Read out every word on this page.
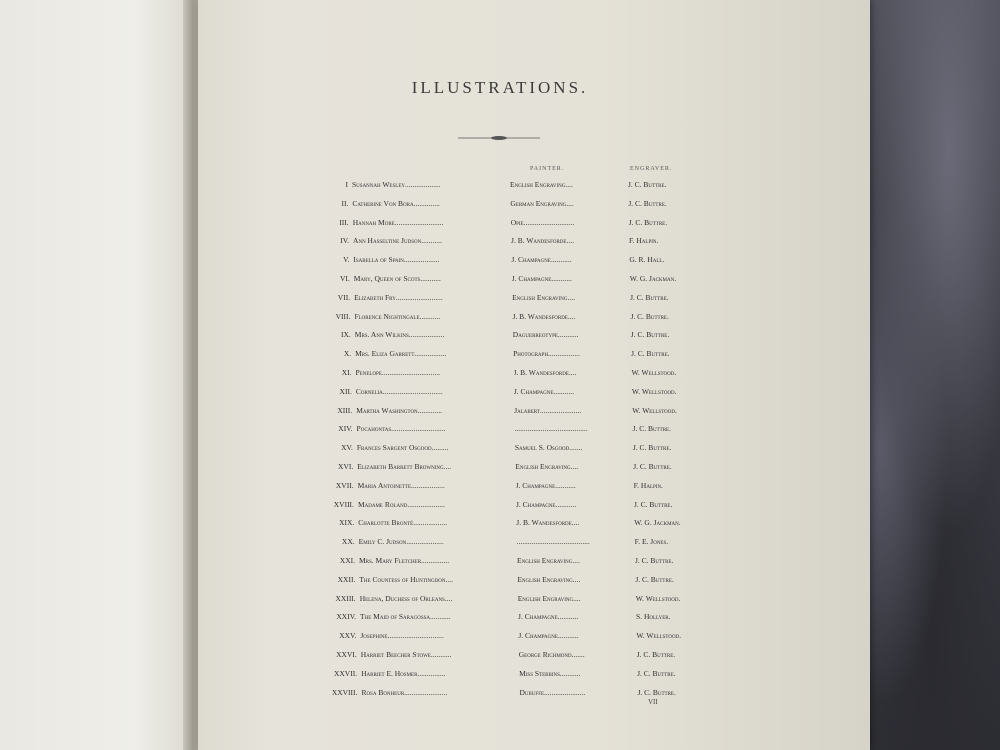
ILLUSTRATIONS.
PAINTER.	ENGRAVER.
I Susannah Wesley...................	English Engraving....	J. C. Buttre.
II. Catherine Von Bora..............	German Engraving....	J. C. Buttre.
III. Hannah More..........................	Opie...........................	J. C. Buttre.
IV. Ann Hasseltine Judson...........	J. B. Wandesforde....	F. Halpin.
V. Isabella of Spain...................	J. Champagne...........	G. R. Hall.
VI. Mary, Queen of Scots...........	J. Champagne...........	W. G. Jackman.
VII. Elizabeth Fry.........................	English Engraving....	J. C. Buttre.
VIII. Florence Nightingale...........	J. B. Wandesforde....	J. C. Buttre.
IX. Mrs. Ann Wilkins...................	Daguerreotype...........	J. C. Buttre.
X. Mrs. Eliza Garrett.................	Photograph.................	J. C. Buttre.
XI. Penelope...............................	J. B. Wandesforde....	W. Wellstood.
XII. Cornelia................................	J. Champagne...........	W. Wellstood.
XIII. Martha Washington.............	Jalabert......................	W. Wellstood.
XIV. Pocahontas.............................	.......................................	J. C. Buttre.
XV. Frances Sargent Osgood.........	Samuel S. Osgood.......	J. C. Buttre.
XVI. Elizabeth Barrett Browning....	English Engraving....	J. C. Buttre.
XVII. Maria Antoinette..................	J. Champagne...........	F. Halpin.
XVIII. Madame Roland....................	J. Champagne...........	J. C. Buttre.
XIX. Charlotte Brontë..................	J. B. Wandesforde....	W. G. Jackman.
XX. Emily C. Judson....................	.......................................	F. E. Jones.
XXI. Mrs. Mary Fletcher...............	English Engraving....	J. C. Buttre.
XXII. The Countess of Huntingdon....	English Engraving....	J. C. Buttre.
XXIII. Helena, Duchess of Orleans....	English Engraving....	W. Wellstood.
XXIV. The Maid of Saragossa...........	J. Champagne...........	S. Hollyer.
XXV. Josephine..............................	J. Champagne...........	W. Wellstood.
XXVI. Harriet Beecher Stowe...........	George Richmond.......	J. C. Buttre.
XXVII. Harriet E. Hosmer...............	Miss Stebbins...........	J. C. Buttre.
XXVIII. Rosa Bonheur.......................	Dubuffe......................	J. C. Buttre.
VII
